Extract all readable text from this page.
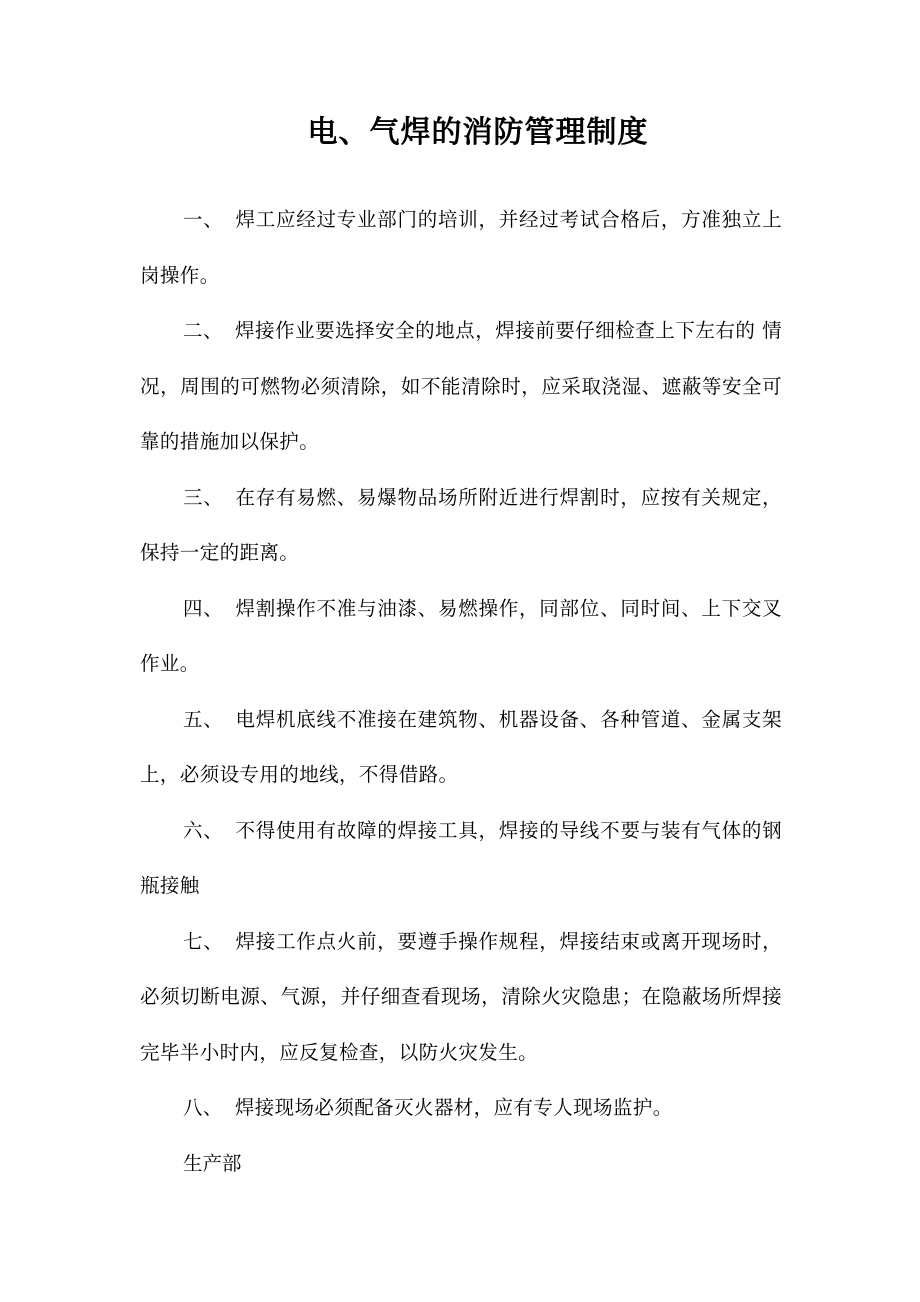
电、气焊的消防管理制度

一、 焊工应经过专业部门的培训，并经过考试合格后，方准独立上岗操作。

二、 焊接作业要选择安全的地点，焊接前要仔细检查上下左右的 情况，周围的可燃物必须清除，如不能清除时，应采取浇湿、遮蔽等安全可靠的措施加以保护。

三、 在存有易燃、易爆物品场所附近进行焊割时，应按有关规定，保持一定的距离。

四、 焊割操作不准与油漆、易燃操作，同部位、同时间、上下交叉作业。

五、 电焊机底线不准接在建筑物、机器设备、各种管道、金属支架上，必须设专用的地线，不得借路。

六、 不得使用有故障的焊接工具，焊接的导线不要与装有气体的钢瓶接触

七、 焊接工作点火前，要遵手操作规程，焊接结束或离开现场时，必须切断电源、气源，并仔细查看现场，清除火灾隐患；在隐蔽场所焊接完毕半小时内，应反复检查，以防火灾发生。

八、 焊接现场必须配备灭火器材，应有专人现场监护。

生产部
